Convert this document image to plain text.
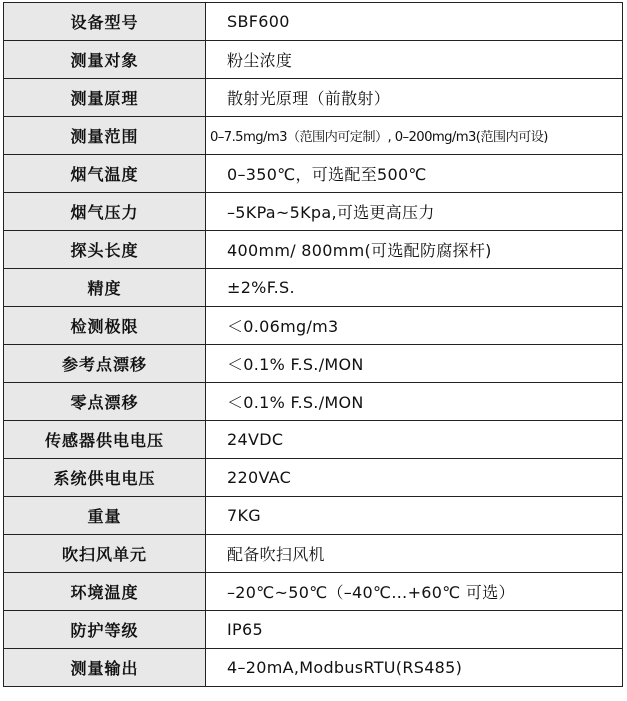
设备型号	SBF600
测量对象	粉尘浓度
测量原理	散射光原理（前散射）
测量范围	0–7.5mg/m3（范围内可定制）, 0–200mg/m3(范围内可设)
烟气温度	0–350℃，可选配至500℃
烟气压力	–5KPa~5Kpa,可选更高压力
探头长度	400mm/ 800mm(可选配防腐探杆)
精度	±2%F.S.
检测极限	＜0.06mg/m3
参考点漂移	＜0.1% F.S./MON
零点漂移	＜0.1% F.S./MON
传感器供电电压	24VDC
系统供电电压	220VAC
重量	7KG
吹扫风单元	配备吹扫风机
环境温度	–20℃~50℃（–40℃…+60℃ 可选）
防护等级	IP65
测量输出	4–20mA,ModbusRTU(RS485)
